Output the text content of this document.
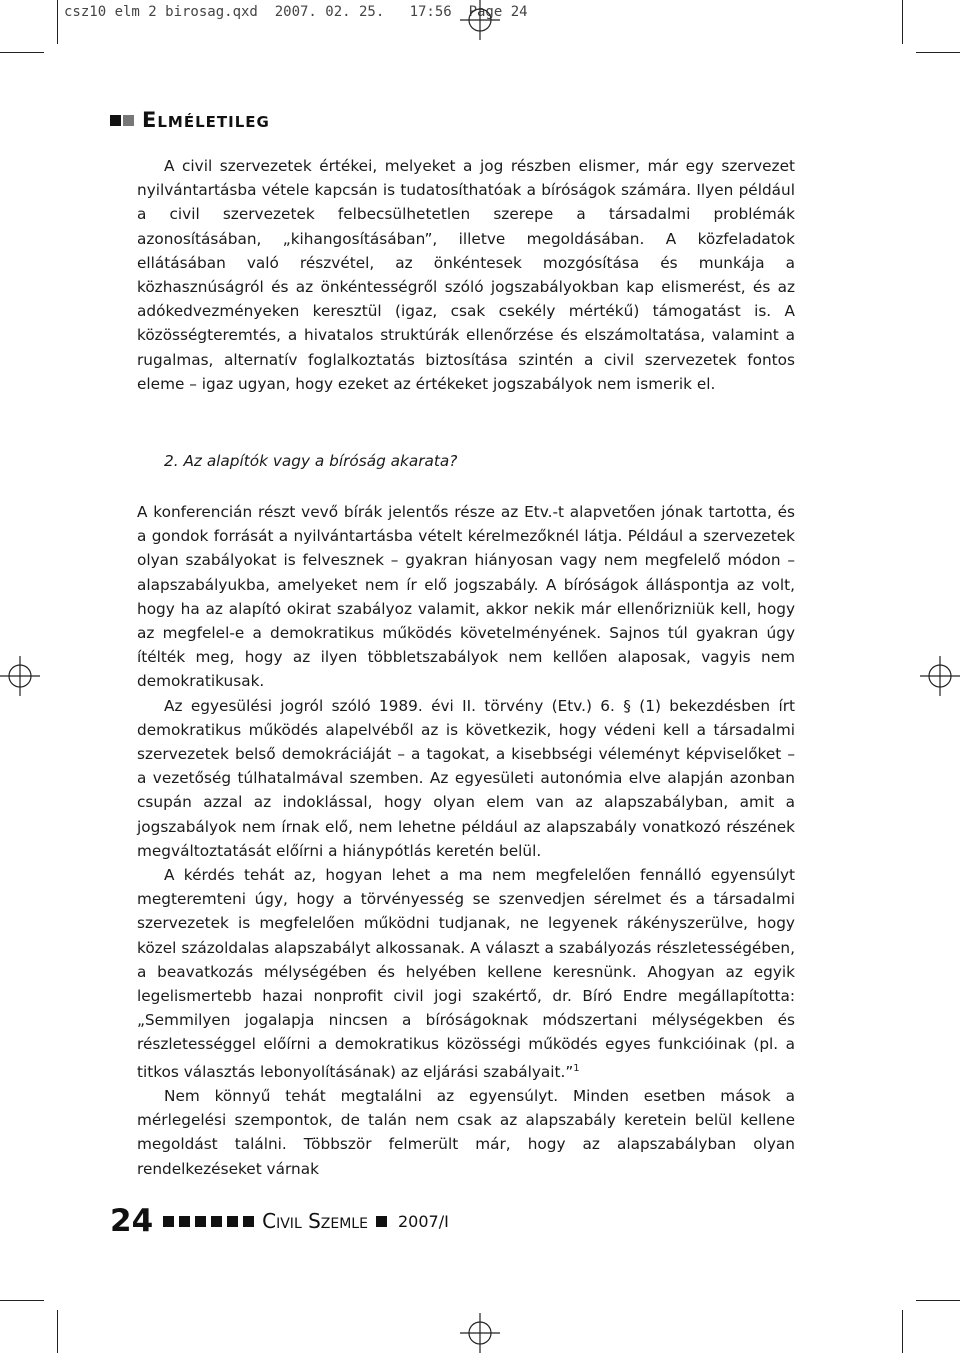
csz10 elm 2 birosag.qxd  2007. 02. 25.   17:56  Page 24
Elméletileg

A civil szervezetek értékei, melyeket a jog részben elismer, már egy szervezet nyilvántartásba vétele kapcsán is tudatosíthatóak a bíróságok számára. Ilyen például a civil szervezetek felbecsülhetetlen szerepe a társadalmi problémák azonosításában, „kihangosításában”, illetve megoldásában. A közfeladatok ellátásában való részvétel, az önkéntesek mozgósítása és munkája a közhasznúságról és az önkéntességről szóló jogszabályokban kap elismerést, és az adókedvezményeken keresztül (igaz, csak csekély mértékű) támogatást is. A közösségteremtés, a hivatalos struktúrák ellenőrzése és elszámoltatása, valamint a rugalmas, alternatív foglalkoztatás biztosítása szintén a civil szervezetek fontos eleme – igaz ugyan, hogy ezeket az értékeket jogszabályok nem ismerik el.

2. Az alapítók vagy a bíróság akarata?

A konferencián részt vevő bírák jelentős része az Etv.-t alapvetően jónak tartotta, és a gondok forrását a nyilvántartásba vételt kérelmezőknél látja. Például a szervezetek olyan szabályokat is felvesznek – gyakran hiányosan vagy nem megfelelő módon – alapszabályukba, amelyeket nem ír elő jogszabály. A bíróságok álláspontja az volt, hogy ha az alapító okirat szabályoz valamit, akkor nekik már ellenőrizniük kell, hogy az megfelel-e a demokratikus működés követelményének. Sajnos túl gyakran úgy ítélték meg, hogy az ilyen többletszabályok nem kellően alaposak, vagyis nem demokratikusak.

Az egyesülési jogról szóló 1989. évi II. törvény (Etv.) 6. § (1) bekezdésben írt demokratikus működés alapelvéből az is következik, hogy védeni kell a társadalmi szervezetek belső demokráciáját – a tagokat, a kisebbségi véleményt képviselőket – a vezetőség túlhatalmával szemben. Az egyesületi autonómia elve alapján azonban csupán azzal az indoklással, hogy olyan elem van az alapszabályban, amit a jogszabályok nem írnak elő, nem lehetne például az alapszabály vonatkozó részének megváltoztatását előírni a hiánypótlás keretén belül.

A kérdés tehát az, hogyan lehet a ma nem megfelelően fennálló egyensúlyt megteremteni úgy, hogy a törvényesség se szenvedjen sérelmet és a társadalmi szervezetek is megfelelően működni tudjanak, ne legyenek rákényszerülve, hogy közel százoldalas alapszabályt alkossanak. A választ a szabályozás részletességében, a beavatkozás mélységében és helyében kellene keresnünk. Ahogyan az egyik legelismertebb hazai nonprofit civil jogi szakértő, dr. Bíró Endre megállapította: „Semmilyen jogalapja nincsen a bíróságoknak módszertani mélységekben és részletességgel előírni a demokratikus közösségi működés egyes funkcióinak (pl. a titkos választás lebonyolításának) az eljárási szabályait.”$^1$

Nem könnyű tehát megtalálni az egyensúlyt. Minden esetben mások a mérlegelési szempontok, de talán nem csak az alapszabály keretein belül kellene megoldást találni. Többször felmerült már, hogy az alapszabályban olyan rendelkezéseket várnak

24	Civil Szemle 2007/I
